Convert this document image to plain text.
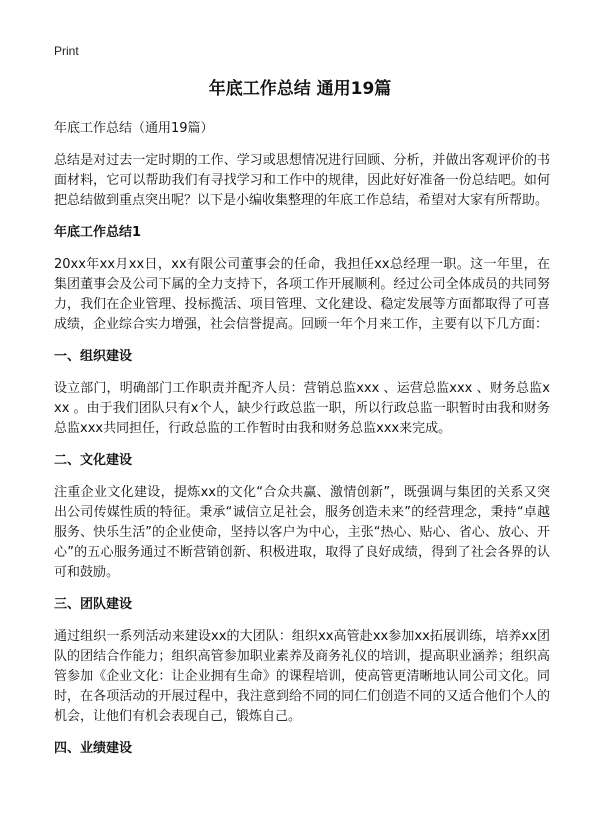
Print
年底工作总结 通用19篇
年底工作总结（通用19篇）

总结是对过去一定时期的工作、学习或思想情况进行回顾、分析，并做出客观评价的书面材料，它可以帮助我们有寻找学习和工作中的规律，因此好好准备一份总结吧。如何把总结做到重点突出呢？以下是小编收集整理的年底工作总结，希望对大家有所帮助。

年底工作总结1

20xx年xx月xx日，xx有限公司董事会的任命，我担任xx总经理一职。这一年里，在集团董事会及公司下属的全力支持下，各项工作开展顺利。经过公司全体成员的共同努力，我们在企业管理、投标揽活、项目管理、文化建设、稳定发展等方面都取得了可喜成绩，企业综合实力增强，社会信誉提高。回顾一年个月来工作，主要有以下几方面：

一、组织建设

设立部门，明确部门工作职责并配齐人员：营销总监xxx 、运营总监xxx 、财务总监xxx 。由于我们团队只有x个人，缺少行政总监一职，所以行政总监一职暂时由我和财务总监xxx共同担任，行政总监的工作暂时由我和财务总监xxx来完成。

二、文化建设

注重企业文化建设，提炼xx的文化“合众共赢、激情创新”，既强调与集团的关系又突出公司传媒性质的特征。秉承“诚信立足社会，服务创造未来”的经营理念，秉持“卓越服务、快乐生活”的企业使命，坚持以客户为中心，主张“热心、贴心、省心、放心、开心”的五心服务通过不断营销创新、积极进取，取得了良好成绩，得到了社会各界的认可和鼓励。

三、团队建设

通过组织一系列活动来建设xx的大团队：组织xx高管赴xx参加xx拓展训练，培养xx团队的团结合作能力；组织高管参加职业素养及商务礼仪的培训，提高职业涵养；组织高管参加《企业文化：让企业拥有生命》的课程培训，使高管更清晰地认同公司文化。同时，在各项活动的开展过程中，我注意到给不同的同仁们创造不同的又适合他们个人的机会，让他们有机会表现自己，锻炼自己。

四、业绩建设
